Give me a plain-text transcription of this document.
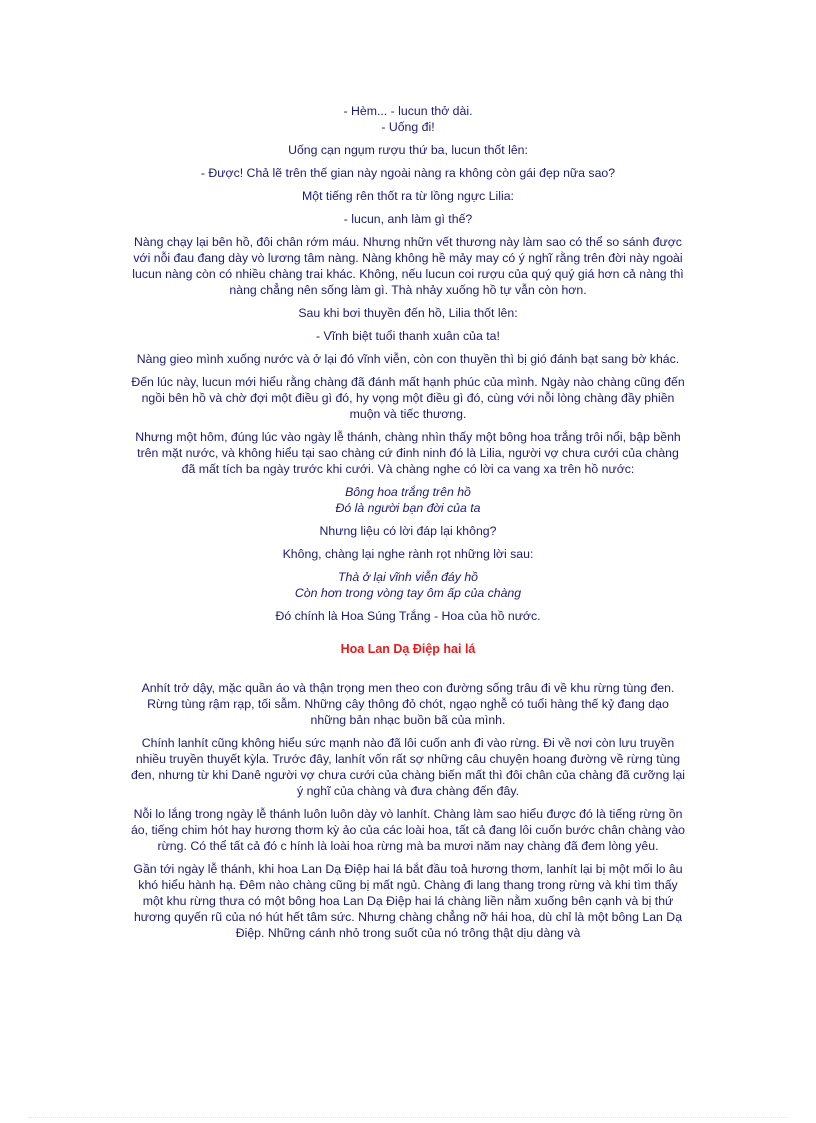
- Hèm... - lucun thở dài.

- Uống đi!

Uống cạn ngụm rượu thứ ba, lucun thốt lên:

- Được! Chả lẽ trên thế gian này ngoài nàng ra không còn gái đẹp nữa sao?

Một tiếng rên thốt ra từ lồng ngực Lilia:

- lucun, anh làm gì thế?

Nàng chạy lại bên hồ, đôi chân rớm máu. Nhưng nhữn vết thương này làm sao có thể so sánh được với nỗi đau đang dày vò lương tâm nàng. Nàng không hề mảy may có ý nghĩ rằng trên đời này ngoài lucun nàng còn có nhiều chàng trai khác. Không, nếu lucun coi rượu của quý quý giá hơn cả nàng thì nàng chẳng nên sống làm gì. Thà nhảy xuống hồ tự vẫn còn hơn.

Sau khi bơi thuyền đến hồ, Lilia thốt lên:

- Vĩnh biệt tuổi thanh xuân của ta!

Nàng gieo mình xuống nước và ở lại đó vĩnh viễn, còn con thuyền thì bị gió đánh bạt sang bờ khác.

Đến lúc này, lucun mới hiểu rằng chàng đã đánh mất hạnh phúc của mình. Ngày nào chàng cũng đến ngồi bên hồ và chờ đợi một điều gì đó, hy vọng một điều gì đó, cùng với nỗi lòng chàng đầy phiền muộn và tiếc thương.

Nhưng một hôm, đúng lúc vào ngày lễ thánh, chàng nhìn thấy một bông hoa trắng trôi nổi, bập bềnh trên mặt nước, và không hiểu tại sao chàng cứ đinh ninh đó là Lilia, người vợ chưa cưới của chàng đã mất tích ba ngày trước khi cưới. Và chàng nghe có lời ca vang xa trên hồ nước:

Bông hoa trắng trên hồ

Đó là người bạn đời của ta

Nhưng liệu có lời đáp lại không?

Không, chàng lại nghe rành rọt những lời sau:

Thà ở lại vĩnh viễn đáy hồ

Còn hơn trong vòng tay ôm ấp của chàng

Đó chính là Hoa Súng Trắng - Hoa của hồ nước.

Hoa Lan Dạ Điệp hai lá

Anhít trở dậy, mặc quần áo và thận trọng men theo con đường sống trâu đi về khu rừng tùng đen. Rừng tùng rậm rạp, tối sẫm. Những cây thông đỏ chót, ngạo nghễ có tuổi hàng thế kỷ đang dạo những bản nhạc buồn bã của mình.

Chính lanhít cũng không hiểu sức mạnh nào đã lôi cuốn anh đi vào rừng. Đi về nơi còn lưu truyền nhiều truyền thuyết kỳla. Trước đây, lanhít vốn rất sợ những câu chuyện hoang đường về rừng tùng đen, nhưng từ khi Danê người vợ chưa cưới của chàng biến mất thì đôi chân của chàng đã cưỡng lại ý nghĩ của chàng và đưa chàng đến đây.

Nỗi lo lắng trong ngày lễ thánh luôn luôn dày vò lanhít. Chàng làm sao hiểu được đó là tiếng rừng ồn áo, tiếng chim hót hay hương thơm kỳ ảo của các loài hoa, tất cả đang lôi cuốn bước chân chàng vào rừng. Có thể tất cả đó c hính là loài hoa rừng mà ba mươi năm nay chàng đã đem lòng yêu.

Gần tới ngày lễ thánh, khi hoa Lan Dạ Điệp hai lá bắt đầu toả hương thơm, lanhít lại bị một mối lo âu khó hiểu hành hạ. Đêm nào chàng cũng bị mất ngủ. Chàng đi lang thang trong rừng và khi tìm thấy một khu rừng thưa có một bông hoa Lan Dạ Điệp hai lá chàng liền nằm xuống bên cạnh và bị thứ hương quyến rũ của nó hút hết tâm sức. Nhưng chàng chẳng nỡ hái hoa, dù chỉ là một bông Lan Dạ Điệp. Những cánh nhỏ trong suốt của nó trông thật dịu dàng và
